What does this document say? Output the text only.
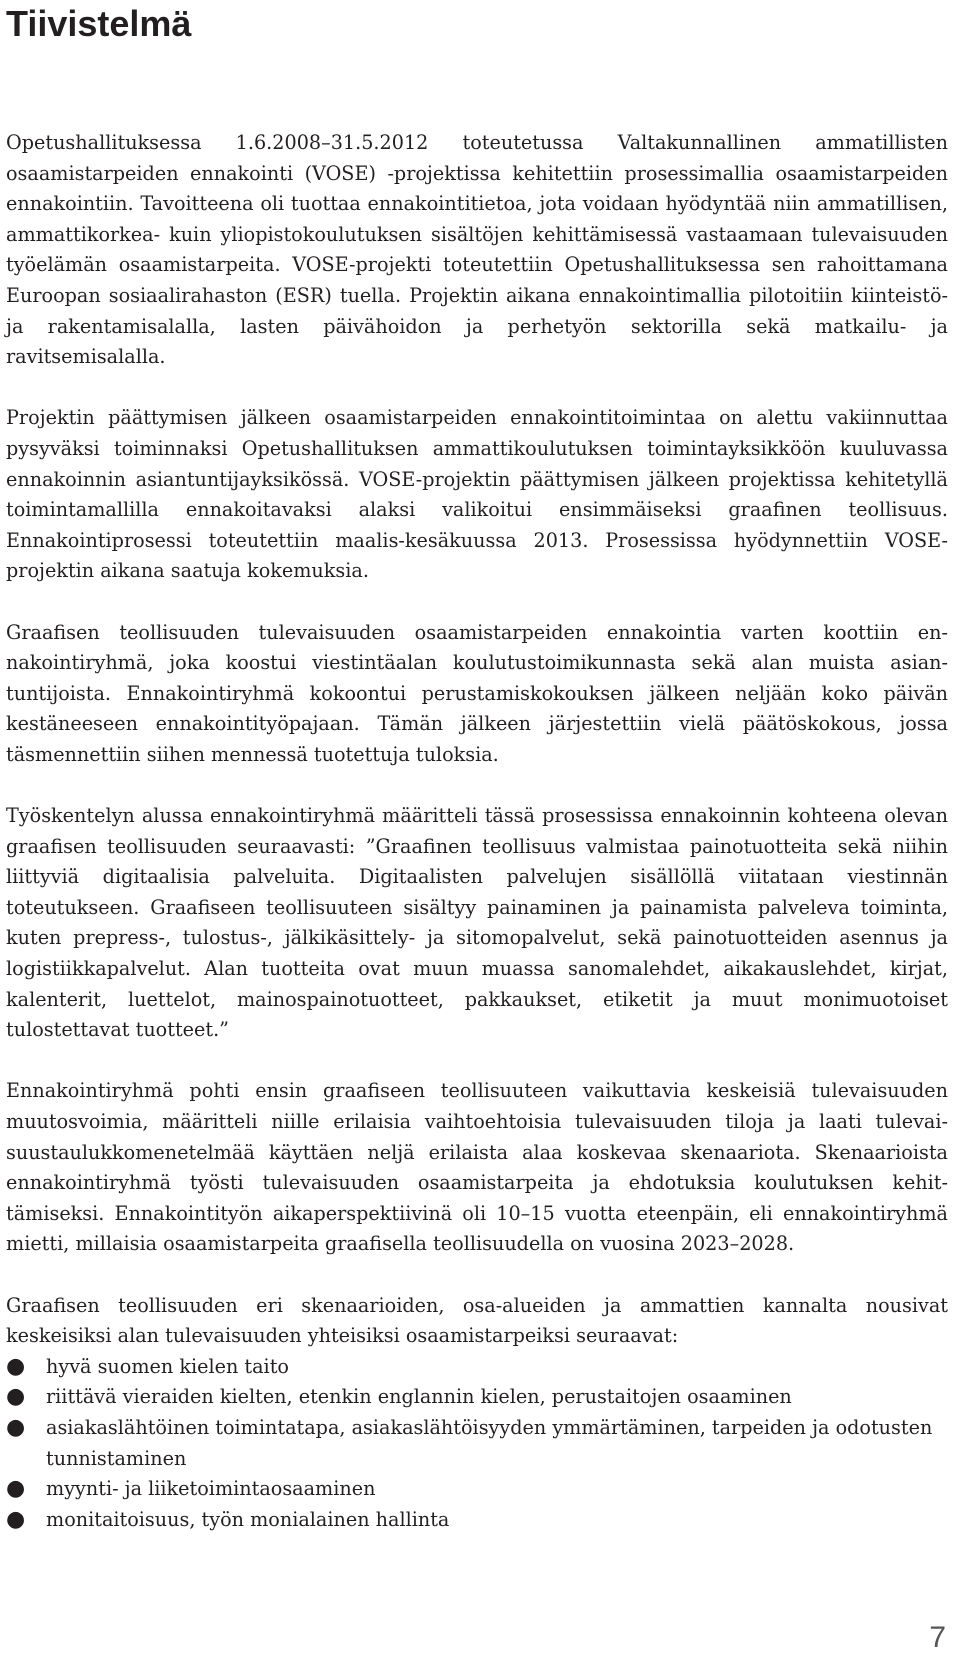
Tiivistelmä

Opetushallituksessa 1.6.2008–31.5.2012 toteutetussa Valtakunnallinen ammatillisten osaamistarpeiden ennakointi (VOSE) -projektissa kehitettiin prosessimallia osaamistarpeiden ennakointiin. Tavoitteena oli tuottaa ennakointitietoa, jota voidaan hyödyntää niin ammatillisen, ammattikorkea- kuin yliopistokoulutuksen sisältöjen kehittämisessä vastaamaan tulevaisuuden työelämän osaamistarpeita. VOSE-projekti toteutettiin Opetushallituksessa sen rahoittamana Euroopan sosiaalirahaston (ESR) tuella. Projektin aikana ennakointimallia pilotoitiin kiinteistö- ja rakentamisalalla, lasten päivähoidon ja perhetyön sektorilla sekä matkailu- ja ravitsemisalalla.

Projektin päättymisen jälkeen osaamistarpeiden ennakointitoimintaa on alettu vakiinnuttaa pysyväksi toiminnaksi Opetushallituksen ammattikoulutuksen toimintayksikköön kuuluvassa ennakoinnin asiantuntijayksikössä. VOSE-projektin päättymisen jälkeen projektissa kehitetyllä toimintamallilla ennakoitavaksi alaksi valikoitui ensimmäiseksi graafinen teollisuus. Ennakointiprosessi toteutettiin maalis-kesäkuussa 2013. Prosessissa hyödynnettiin VOSE-projektin aikana saatuja kokemuksia.

Graafisen teollisuuden tulevaisuuden osaamistarpeiden ennakointia varten koottiin ennakointiryhmä, joka koostui viestintäalan koulutustoimikunnasta sekä alan muista asiantuntijoista. Ennakointiryhmä kokoontui perustamiskokouksen jälkeen neljään koko päivän kestäneeseen ennakointityöpajaan. Tämän jälkeen järjestettiin vielä päätöskokous, jossa täsmennettiin siihen mennessä tuotettuja tuloksia.

Työskentelyn alussa ennakointiryhmä määritteli tässä prosessissa ennakoinnin kohteena olevan graafisen teollisuuden seuraavasti: ”Graafinen teollisuus valmistaa painotuotteita sekä niihin liittyviä digitaalisia palveluita. Digitaalisten palvelujen sisällöllä viitataan viestinnän toteutukseen. Graafiseen teollisuuteen sisältyy painaminen ja painamista palveleva toiminta, kuten prepress-, tulostus-, jälkikäsittely- ja sitomopalvelut, sekä painotuotteiden asennus ja logistiikkapalvelut. Alan tuotteita ovat muun muassa sanomalehdet, aikakauslehdet, kirjat, kalenterit, luettelot, mainospainotuotteet, pakkaukset, etiketit ja muut monimuotoiset tulostettavat tuotteet.”

Ennakointiryhmä pohti ensin graafiseen teollisuuteen vaikuttavia keskeisiä tulevaisuuden muutosvoimia, määritteli niille erilaisia vaihtoehtoisia tulevaisuuden tiloja ja laati tulevaisuustaulukkomenetelmää käyttäen neljä erilaista alaa koskevaa skenaariota. Skenaarioista ennakointiryhmä työsti tulevaisuuden osaamistarpeita ja ehdotuksia koulutuksen kehittämiseksi. Ennakointityön aikaperspektiivinä oli 10–15 vuotta eteenpäin, eli ennakointiryhmä mietti, millaisia osaamistarpeita graafisella teollisuudella on vuosina 2023–2028.

Graafisen teollisuuden eri skenaarioiden, osa-alueiden ja ammattien kannalta nousivat keskeisiksi alan tulevaisuuden yhteisiksi osaamistarpeiksi seuraavat:

● hyvä suomen kielen taito
● riittävä vieraiden kielten, etenkin englannin kielen, perustaitojen osaaminen
● asiakaslähtöinen toimintatapa, asiakaslähtöisyyden ymmärtäminen, tarpeiden ja odotusten tunnistaminen
● myynti- ja liiketoimintaosaaminen
● monitaitoisuus, työn monialainen hallinta
7
